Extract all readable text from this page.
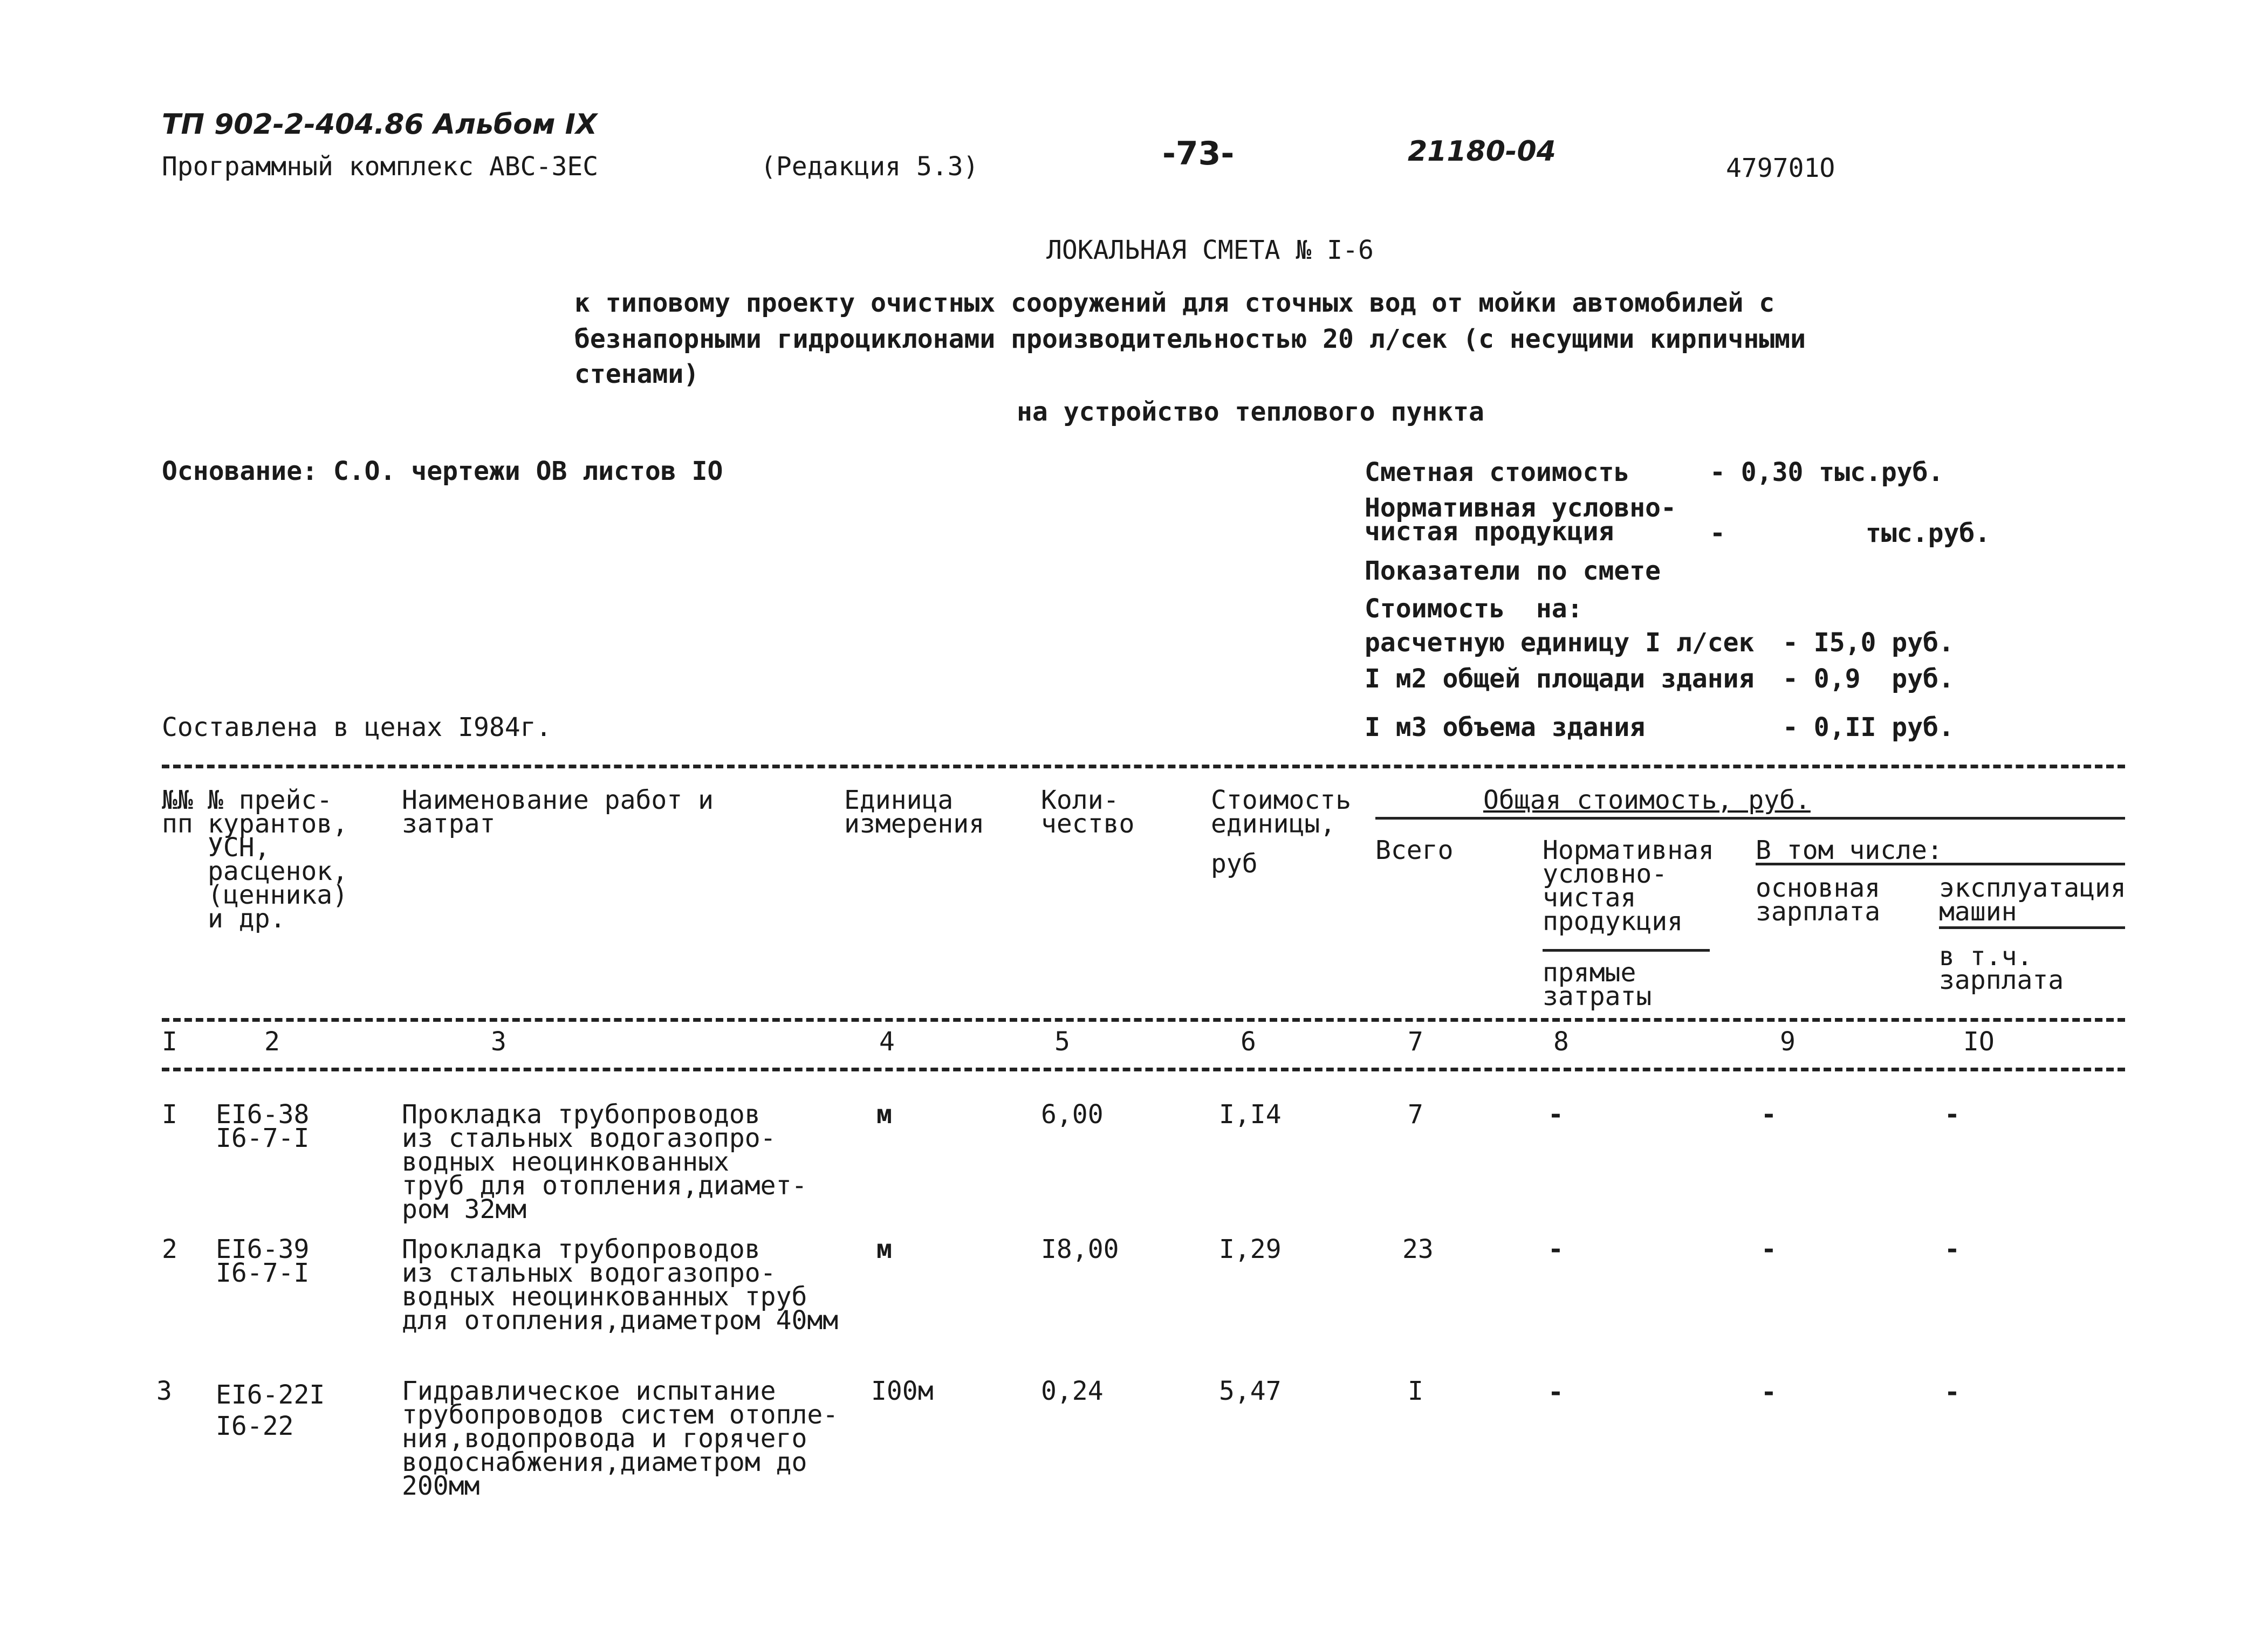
ТП 902-2-404.86 Альбом IX
Программный комплекс АВС-ЗЕС	(Редакция 5.3)	-73-	21180-04
479701O
ЛОКАЛЬНАЯ СМЕТА № I-6
к типовому проекту очистных сооружений для сточных вод от мойки автомобилей с
безнапорными гидроциклонами производительностью 20 л/сек (с несущими кирпичными
стенами)
на устройство теплового пункта
Основание: С.О. чертежи ОВ листов IO
Составлена в ценах I984г.
Сметная стоимость	- 0,30 тыс.руб.
Нормативная условно-
чистая продукция	-         тыс.руб.
Показатели по смете
Стоимость  на:
расчетную единицу I л/сек - I5,0 руб.
I м2 общей площади здания - 0,9  руб.
I м3 объема здания	- 0,II руб.
№№
пп
№ прейс-
курантов,
УСН,
расценок,
(ценника)
и др.
Наименование работ и
затрат
Единица
измерения
Коли-
чество
Стоимость
единицы,
руб
Общая стоимость, руб.
Всего	Нормативная
условно-
чистая
продукция
прямые
затраты
В том числе:
основная
зарплата
эксплуатация
машин
в т.ч.
зарплата
I	2	3	4	5	6	7	8	9	IO
I EI6-38
I6-7-I
Прокладка трубопроводов
из стальных водогазопро-
водных неоцинкованных
труб для отопления,диамет-
ром 32мм
м	6,00	I,I4	7	-	-	-
2 EI6-39
I6-7-I
Прокладка трубопроводов
из стальных водогазопро-
водных неоцинкованных труб
для отопления,диаметром 40мм
м	I8,00	I,29	23	-	-	-
3 EI6-22I
I6-22
Гидравлическое испытание
трубопроводов систем отопле-
ния,водопровода и горячего
водоснабжения,диаметром до
200мм
I00м	0,24	5,47	I	-	-	-
